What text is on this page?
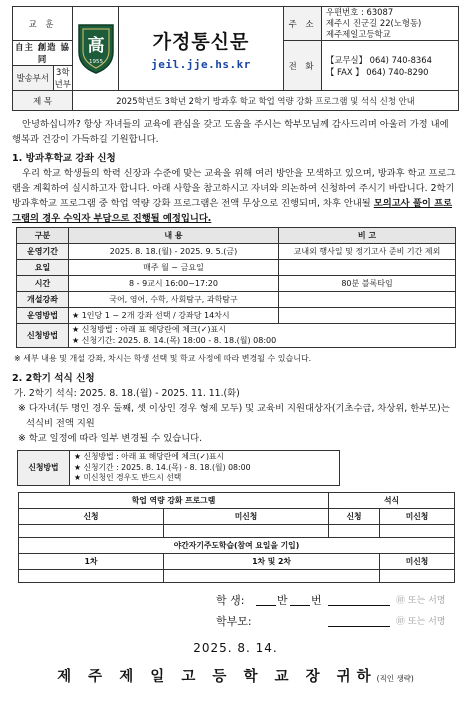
교 훈	
高
1955

가정통신문
jeil.jje.hs.kr
	주 소	
우편번호 : 63087
제주시 진군길 22(노형동)
제주제일고등학교

自主 創造 協同	전 화	
【교무실】 064) 740-8364
【 FAX 】 064) 740-8290

발송부서	3학년부

제 목	2025학년도 3학년 2학기 방과후 학교 학업 역량 강화 프로그램 및 석식 신청 안내

안녕하십니까? 항상 자녀들의 교육에 관심을 갖고 도움을 주시는 학부모님께 감사드리며 아울러 가정 내에 행복과 건강이 가득하길 기원합니다.

1. 방과후학교 강좌 신청

우리 학교 학생들의 학력 신장과 수준에 맞는 교육을 위해 여러 방안을 모색하고 있으며, 방과후 학교 프로그램을 계획하여 실시하고자 합니다. 아래 사항을 참고하시고 자녀와 의논하여 신청하여 주시기 바랍니다. 2학기 방과후학교 프로그램 중 학업 역량 강화 프로그램은 전액 무상으로 진행되며, 차후 안내될 모의고사 풀이 프로그램의 경우 수익자 부담으로 진행될 예정입니다.

구분	내 용	비 고
운영기간	2025. 8. 18.(월) - 2025. 9. 5.(금)	교내외 행사일 및 정기고사 준비 기간 제외
요일	매주 월 ~ 금요일	
시간	8 - 9교시 16:00~17:20	80분 블록타임
개설강좌	국어, 영어, 수학, 사회탐구, 과학탐구	
운영방법	★ 1인당 1 ~ 2개 강좌 선택 / 강좌당 14차시	
신청방법	★ 신청방법 : 아래 표 해당란에 체크(✓)표시
★ 신청기간: 2025. 8. 14.(목) 18:00 - 8. 18.(월) 08:00	

※ 세부 내용 및 개설 강좌, 차시는 학생 선택 및 학교 사정에 따라 변경될 수 있습니다.

2. 2학기 석식 신청

가. 2학기 석식: 2025. 8. 18.(월) - 2025. 11. 11.(화)

※ 다자녀(두 명인 경우 둘째, 셋 이상인 경우 형제 모두) 및 교육비 지원대상자(기초수급, 차상위, 한부모)는 석식비 전액 지원

※ 학교 일정에 따라 일부 변경될 수 있습니다.

신청방법	
★ 신청방법 : 아래 표 해당란에 체크(✓)표시
★ 신청기간 : 2025. 8. 14.(목) - 8. 18.(월) 08:00
★ 미신청인 경우도 반드시 선택
학업 역량 강화 프로그램		석식	
신청	미신청	신청	미신청

야간자기주도학습(참여 요일을 기입)			
1차	1차 및 2차		미신청

학 생:	반 번	㊞ 또는 서명
학부모:	㊞ 또는 서명
2025. 8. 14.
제 주 제 일 고 등 학 교 장 귀하(직인 생략)
